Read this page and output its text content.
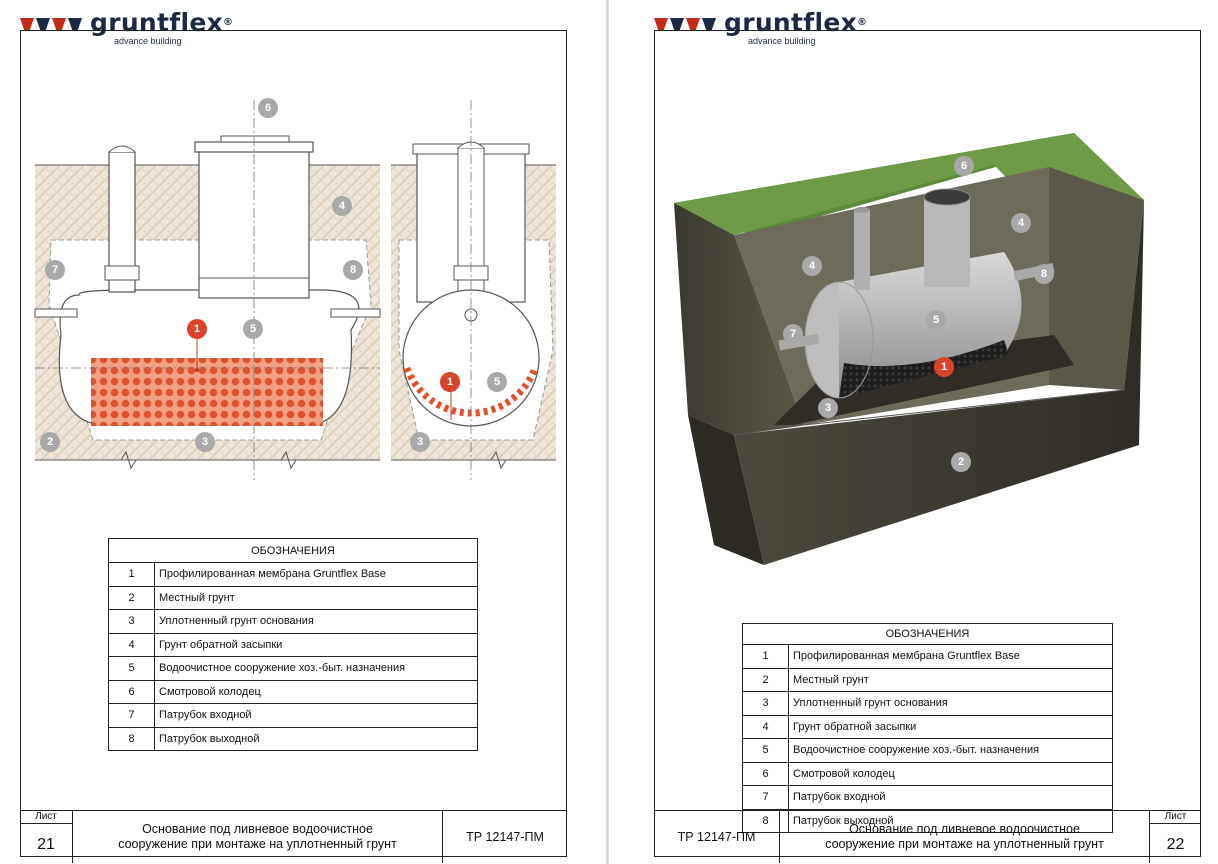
gruntflex®
advance building
6
4
7	8
1	5
1	5
2	3	3
ОБОЗНАЧЕНИЯ	
1	Профилированная мембрана Gruntflex Base
2	Местный грунт
3	Уплотненный грунт основания
4	Грунт обратной засыпки
5	Водоочистное сооружение хоз.-быт. назначения
6	Смотровой колодец
7	Патрубок входной
8	Патрубок выходной
Лист
21
Основание под ливневое водоочистное
сооружение при монтаже на уплотненный грунт
ТР 12147-ПМ
gruntflex®
advance building
6
4
4
8
5
7
1
3
2
ОБОЗНАЧЕНИЯ	
1	Профилированная мембрана Gruntflex Base
2	Местный грунт
3	Уплотненный грунт основания
4	Грунт обратной засыпки
5	Водоочистное сооружение хоз.-быт. назначения
6	Смотровой колодец
7	Патрубок входной
8	Патрубок выходной
ТР 12147-ПМ
Основание под ливневое водоочистное
сооружение при монтаже на уплотненный грунт
Лист
22
